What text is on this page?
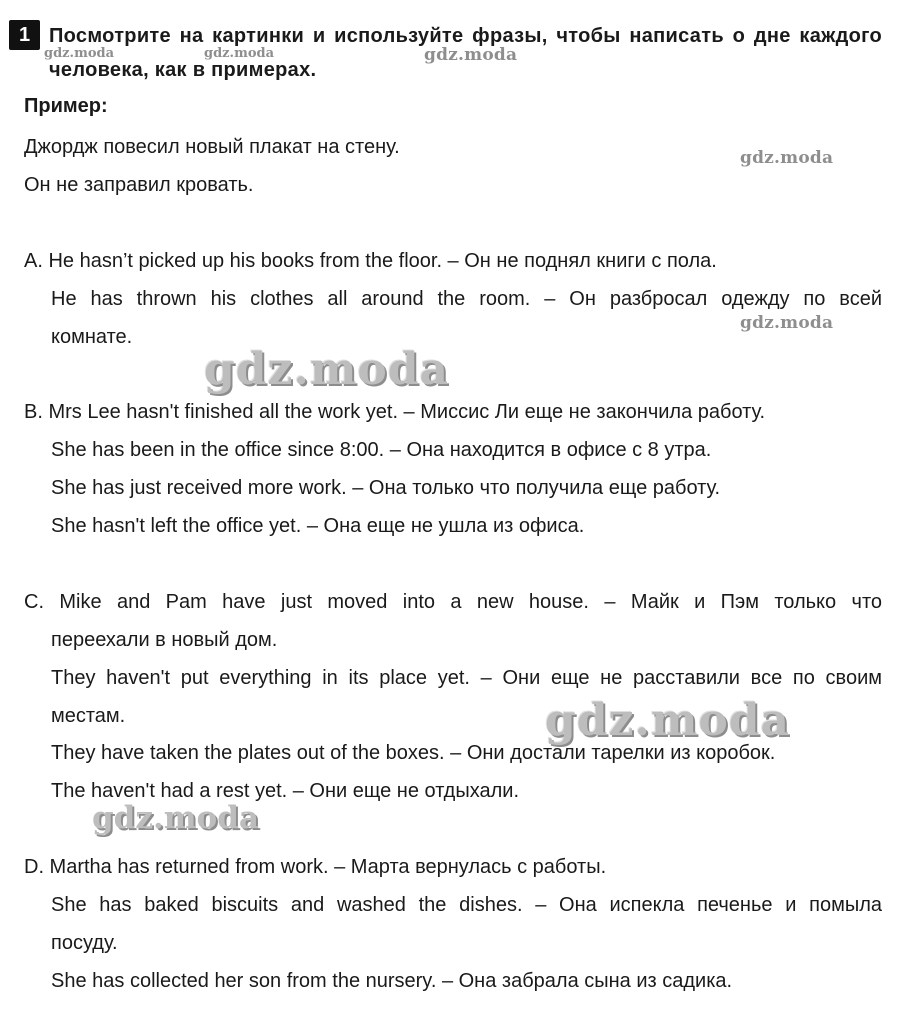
1 Посмотрите на картинки и используйте фразы, чтобы написать о дне каждого человека, как в примерах.
Пример:
Джордж повесил новый плакат на стену.
Он не заправил кровать.
A. He hasn’t picked up his books from the floor. – Он не поднял книги с пола.
He has thrown his clothes all around the room. – Он разбросал одежду по всей
комнате.
B. Mrs Lee hasn't finished all the work yet. – Миссис Ли еще не закончила работу.
She has been in the office since 8:00. – Она находится в офисе с 8 утра.
She has just received more work. – Она только что получила еще работу.
She hasn't left the office yet. – Она еще не ушла из офиса.
C. Mike and Pam have just moved into a new house. – Майк и Пэм только что
переехали в новый дом.
They haven't put everything in its place yet. – Они еще не расставили все по своим
местам.
They have taken the plates out of the boxes. – Они достали тарелки из коробок.
The haven't had a rest yet. – Они еще не отдыхали.
D. Martha has returned from work. – Марта вернулась с работы.
She has baked biscuits and washed the dishes. – Она испекла печенье и помыла
посуду.
She has collected her son from the nursery. – Она забрала сына из садика.
gdz.moda	gdz.moda	gdz.moda
gdz.moda
gdz.moda
gdz.moda
gdz.moda
gdz.moda
